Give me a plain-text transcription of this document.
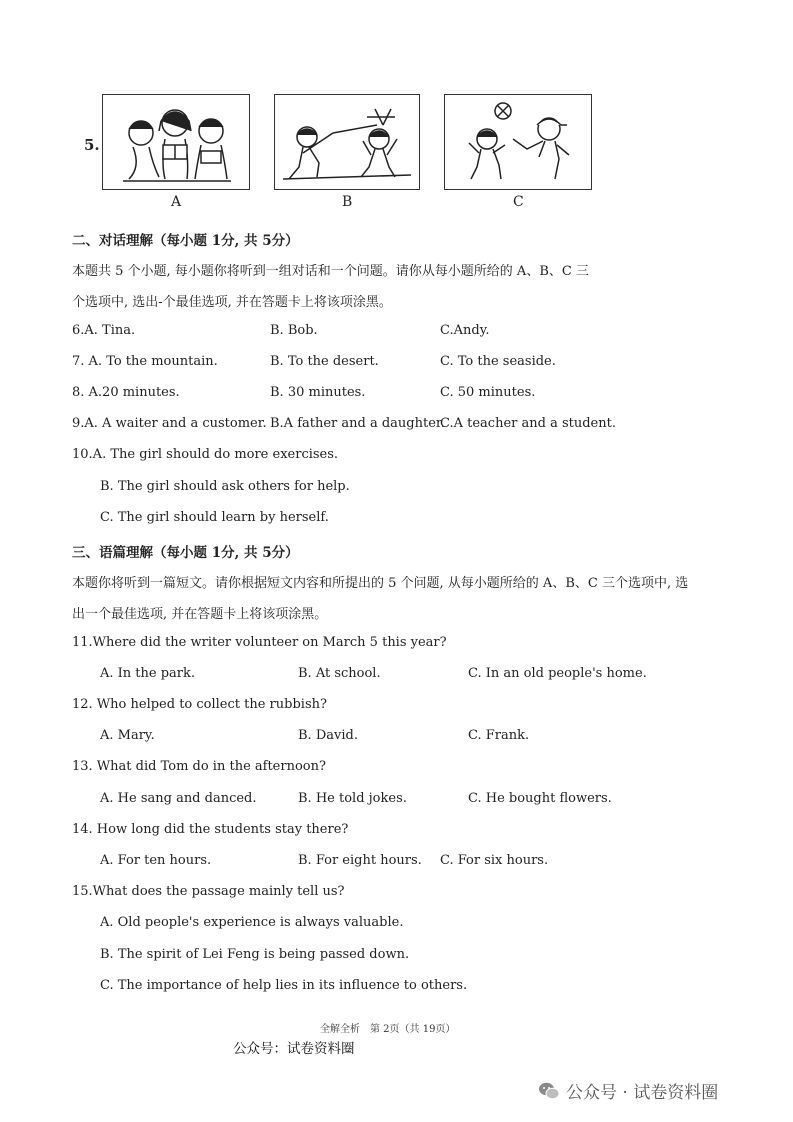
5.
A	B	C
二、对话理解（每小题 1分, 共 5分）
本题共 5 个小题, 每小题你将听到一组对话和一个问题。请你从每小题所给的 A、B、C 三
个选项中, 选出-个最佳选项, 并在答题卡上将该项涂黑。
6.A. Tina.	B. Bob.	C.Andy.
7. A. To the mountain.	B. To the desert.	C. To the seaside.
8. A.20 minutes.	B. 30 minutes.	C. 50 minutes.
9.A. A waiter and a customer. B.A father and a daughter.
C.A teacher and a student.
10.A. The girl should do more exercises.
B. The girl should ask others for help.
C. The girl should learn by herself.
三、语篇理解（每小题 1分, 共 5分）
本题你将听到一篇短文。请你根据短文内容和所提出的 5 个问题, 从每小题所给的 A、B、C 三个选项中, 选
出一个最佳选项, 并在答题卡上将该项涂黑。
11.Where did the writer volunteer on March 5 this year?
A. In the park.	B. At school.	C. In an old people's home.
12. Who helped to collect the rubbish?
A. Mary.	B. David.	C. Frank.
13. What did Tom do in the afternoon?
A. He sang and danced.	B. He told jokes.	C. He bought flowers.
14. How long did the students stay there?
A. For ten hours.	B. For eight hours. C. For six hours.
15.What does the passage mainly tell us?
A. Old people's experience is always valuable.
B. The spirit of Lei Feng is being passed down.
C. The importance of help lies in its influence to others.
全解全析　第 2页（共 19页）
公众号：试卷资料圈
公众号 · 试卷资料圈
